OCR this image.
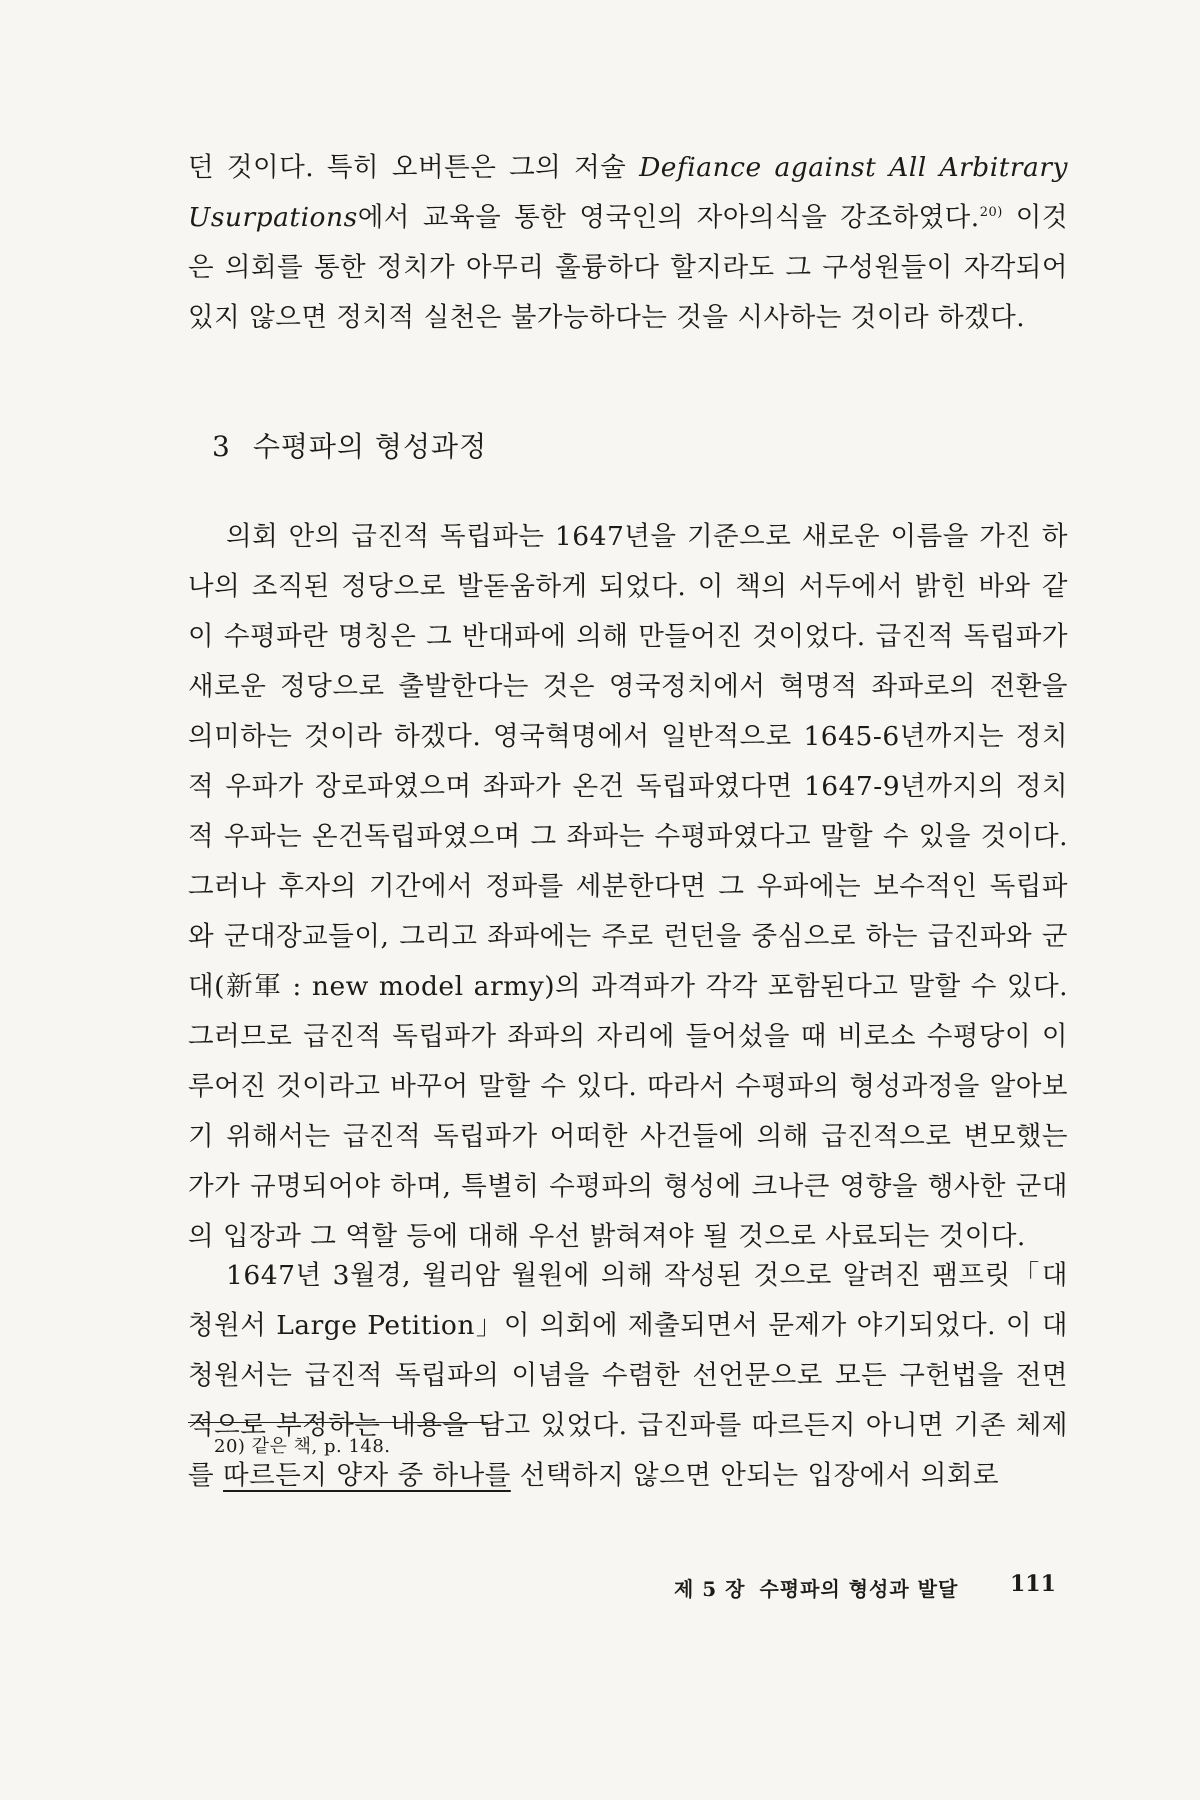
던 것이다. 특히 오버튼은 그의 저술 Defiance against All Arbitrary Usurpations에서 교육을 통한 영국인의 자아의식을 강조하였다.$^{20)}$ 이것은 의회를 통한 정치가 아무리 훌륭하다 할지라도 그 구성원들이 자각되어 있지 않으면 정치적 실천은 불가능하다는 것을 시사하는 것이라 하겠다.
3 수평파의 형성과정
의회 안의 급진적 독립파는 1647년을 기준으로 새로운 이름을 가진 하나의 조직된 정당으로 발돋움하게 되었다. 이 책의 서두에서 밝힌 바와 같이 수평파란 명칭은 그 반대파에 의해 만들어진 것이었다. 급진적 독립파가 새로운 정당으로 출발한다는 것은 영국정치에서 혁명적 좌파로의 전환을 의미하는 것이라 하겠다. 영국혁명에서 일반적으로 1645-6년까지는 정치적 우파가 장로파였으며 좌파가 온건 독립파였다면 1647-9년까지의 정치적 우파는 온건독립파였으며 그 좌파는 수평파였다고 말할 수 있을 것이다. 그러나 후자의 기간에서 정파를 세분한다면 그 우파에는 보수적인 독립파와 군대장교들이, 그리고 좌파에는 주로 런던을 중심으로 하는 급진파와 군대(新軍 : new model army)의 과격파가 각각 포함된다고 말할 수 있다. 그러므로 급진적 독립파가 좌파의 자리에 들어섰을 때 비로소 수평당이 이루어진 것이라고 바꾸어 말할 수 있다. 따라서 수평파의 형성과정을 알아보기 위해서는 급진적 독립파가 어떠한 사건들에 의해 급진적으로 변모했는가가 규명되어야 하며, 특별히 수평파의 형성에 크나큰 영향을 행사한 군대의 입장과 그 역할 등에 대해 우선 밝혀져야 될 것으로 사료되는 것이다.
1647년 3월경, 윌리암 월원에 의해 작성된 것으로 알려진 팸프릿「대청원서 Large Petition」이 의회에 제출되면서 문제가 야기되었다. 이 대청원서는 급진적 독립파의 이념을 수렴한 선언문으로 모든 구헌법을 전면적으로 부정하는 내용을 담고 있었다. 급진파를 따르든지 아니면 기존 체제를 따르든지 양자 중 하나를 선택하지 않으면 안되는 입장에서 의회로
20) 같은 책, p. 148.
제 5 장 수평파의 형성과 발달 111
